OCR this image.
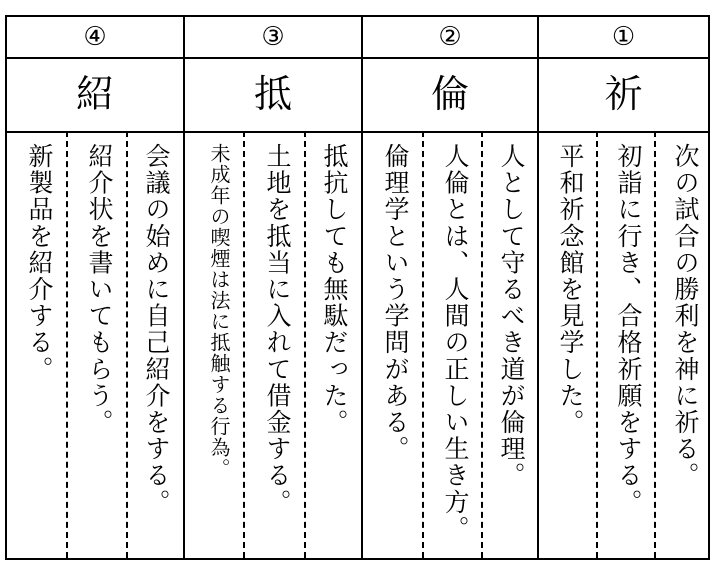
④
紹
会議の始めに自己紹介をする。
紹介状を書いてもらう。
新製品を紹介する。
③
抵
抵抗しても無駄だった。
土地を抵当に入れて借金する。
未成年の喫煙は法に抵触する行為。
②
倫
人として守るべき道が倫理。
人倫とは、人間の正しい生き方。
倫理学という学問がある。
①
祈
次の試合の勝利を神に祈る。
初詣に行き、合格祈願をする。
平和祈念館を見学した。
